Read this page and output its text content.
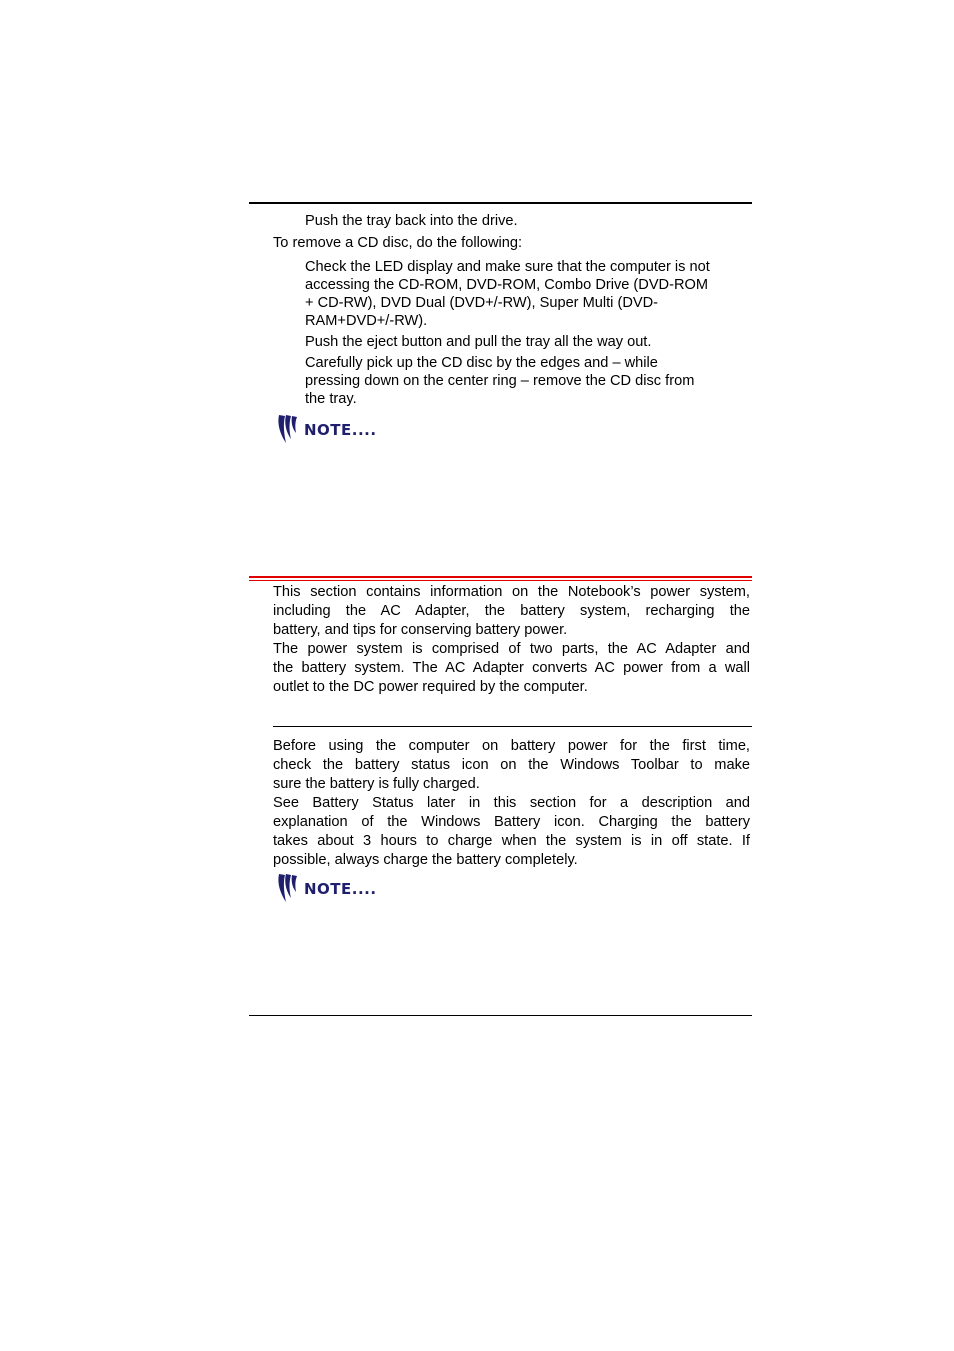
Push the tray back into the drive.
To remove a CD disc, do the following:
Check the LED display and make sure that the computer is not
accessing the CD-ROM, DVD-ROM, Combo Drive (DVD-ROM
+ CD-RW), DVD Dual (DVD+/-RW), Super Multi (DVD-
RAM+DVD+/-RW).
Push the eject button and pull the tray all the way out.
Carefully pick up the CD disc by the edges and – while
pressing down on the center ring – remove the CD disc from
the tray.
NOTE....
This section contains information on the Notebook’s power system,
including the AC Adapter, the battery system, recharging the
battery, and tips for conserving battery power.
The power system is comprised of two parts, the AC Adapter and
the battery system. The AC Adapter converts AC power from a wall
outlet to the DC power required by the computer.
Before using the computer on battery power for the first time,
check the battery status icon on the Windows Toolbar to make
sure the battery is fully charged.
See Battery Status later in this section for a description and
explanation of the Windows Battery icon. Charging the battery
takes about 3 hours to charge when the system is in off state. If
possible, always charge the battery completely.
NOTE....
